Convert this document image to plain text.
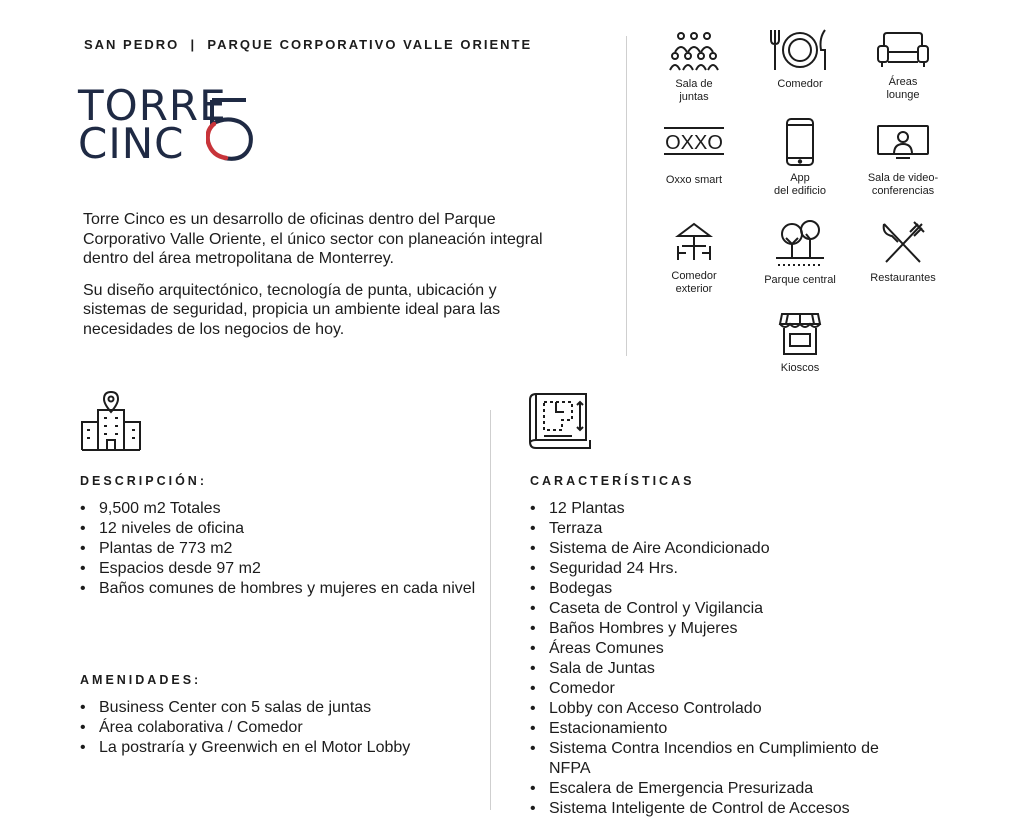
SAN PEDRO  |  PARQUE CORPORATIVO VALLE ORIENTE
TORRE
CINC

Torre Cinco es un desarrollo de oficinas dentro del Parque Corporativo Valle Oriente, el único sector con planeación integral dentro del área metropolitana de Monterrey.

Su diseño arquitectónico, tecnología de punta, ubicación y sistemas de seguridad, propicia un ambiente ideal para las necesidades de los negocios de hoy.

Sala de
juntas
Comedor	Áreas
lounge
OXXO
Oxxo smart	App
del edificio
Sala de video-
conferencias
Comedor
exterior
Parque central	Restaurantes
Kioscos
DESCRIPCIÓN:
• 9,500 m2 Totales
• 12 niveles de oficina
• Plantas de 773 m2
• Espacios desde 97 m2
• Baños comunes de hombres y mujeres en cada nivel
AMENIDADES:
• Business Center con 5 salas de juntas
• Área colaborativa / Comedor
• La postraría y Greenwich en el Motor Lobby
CARACTERÍSTICAS
• 12 Plantas
• Terraza
• Sistema de Aire Acondicionado
• Seguridad 24 Hrs.
• Bodegas
• Caseta de Control y Vigilancia
• Baños Hombres y Mujeres
• Áreas Comunes
• Sala de Juntas
• Comedor
• Lobby con Acceso Controlado
• Estacionamiento
• Sistema Contra Incendios en Cumplimiento de NFPA
• Escalera de Emergencia Presurizada
• Sistema Inteligente de Control de Accesos
